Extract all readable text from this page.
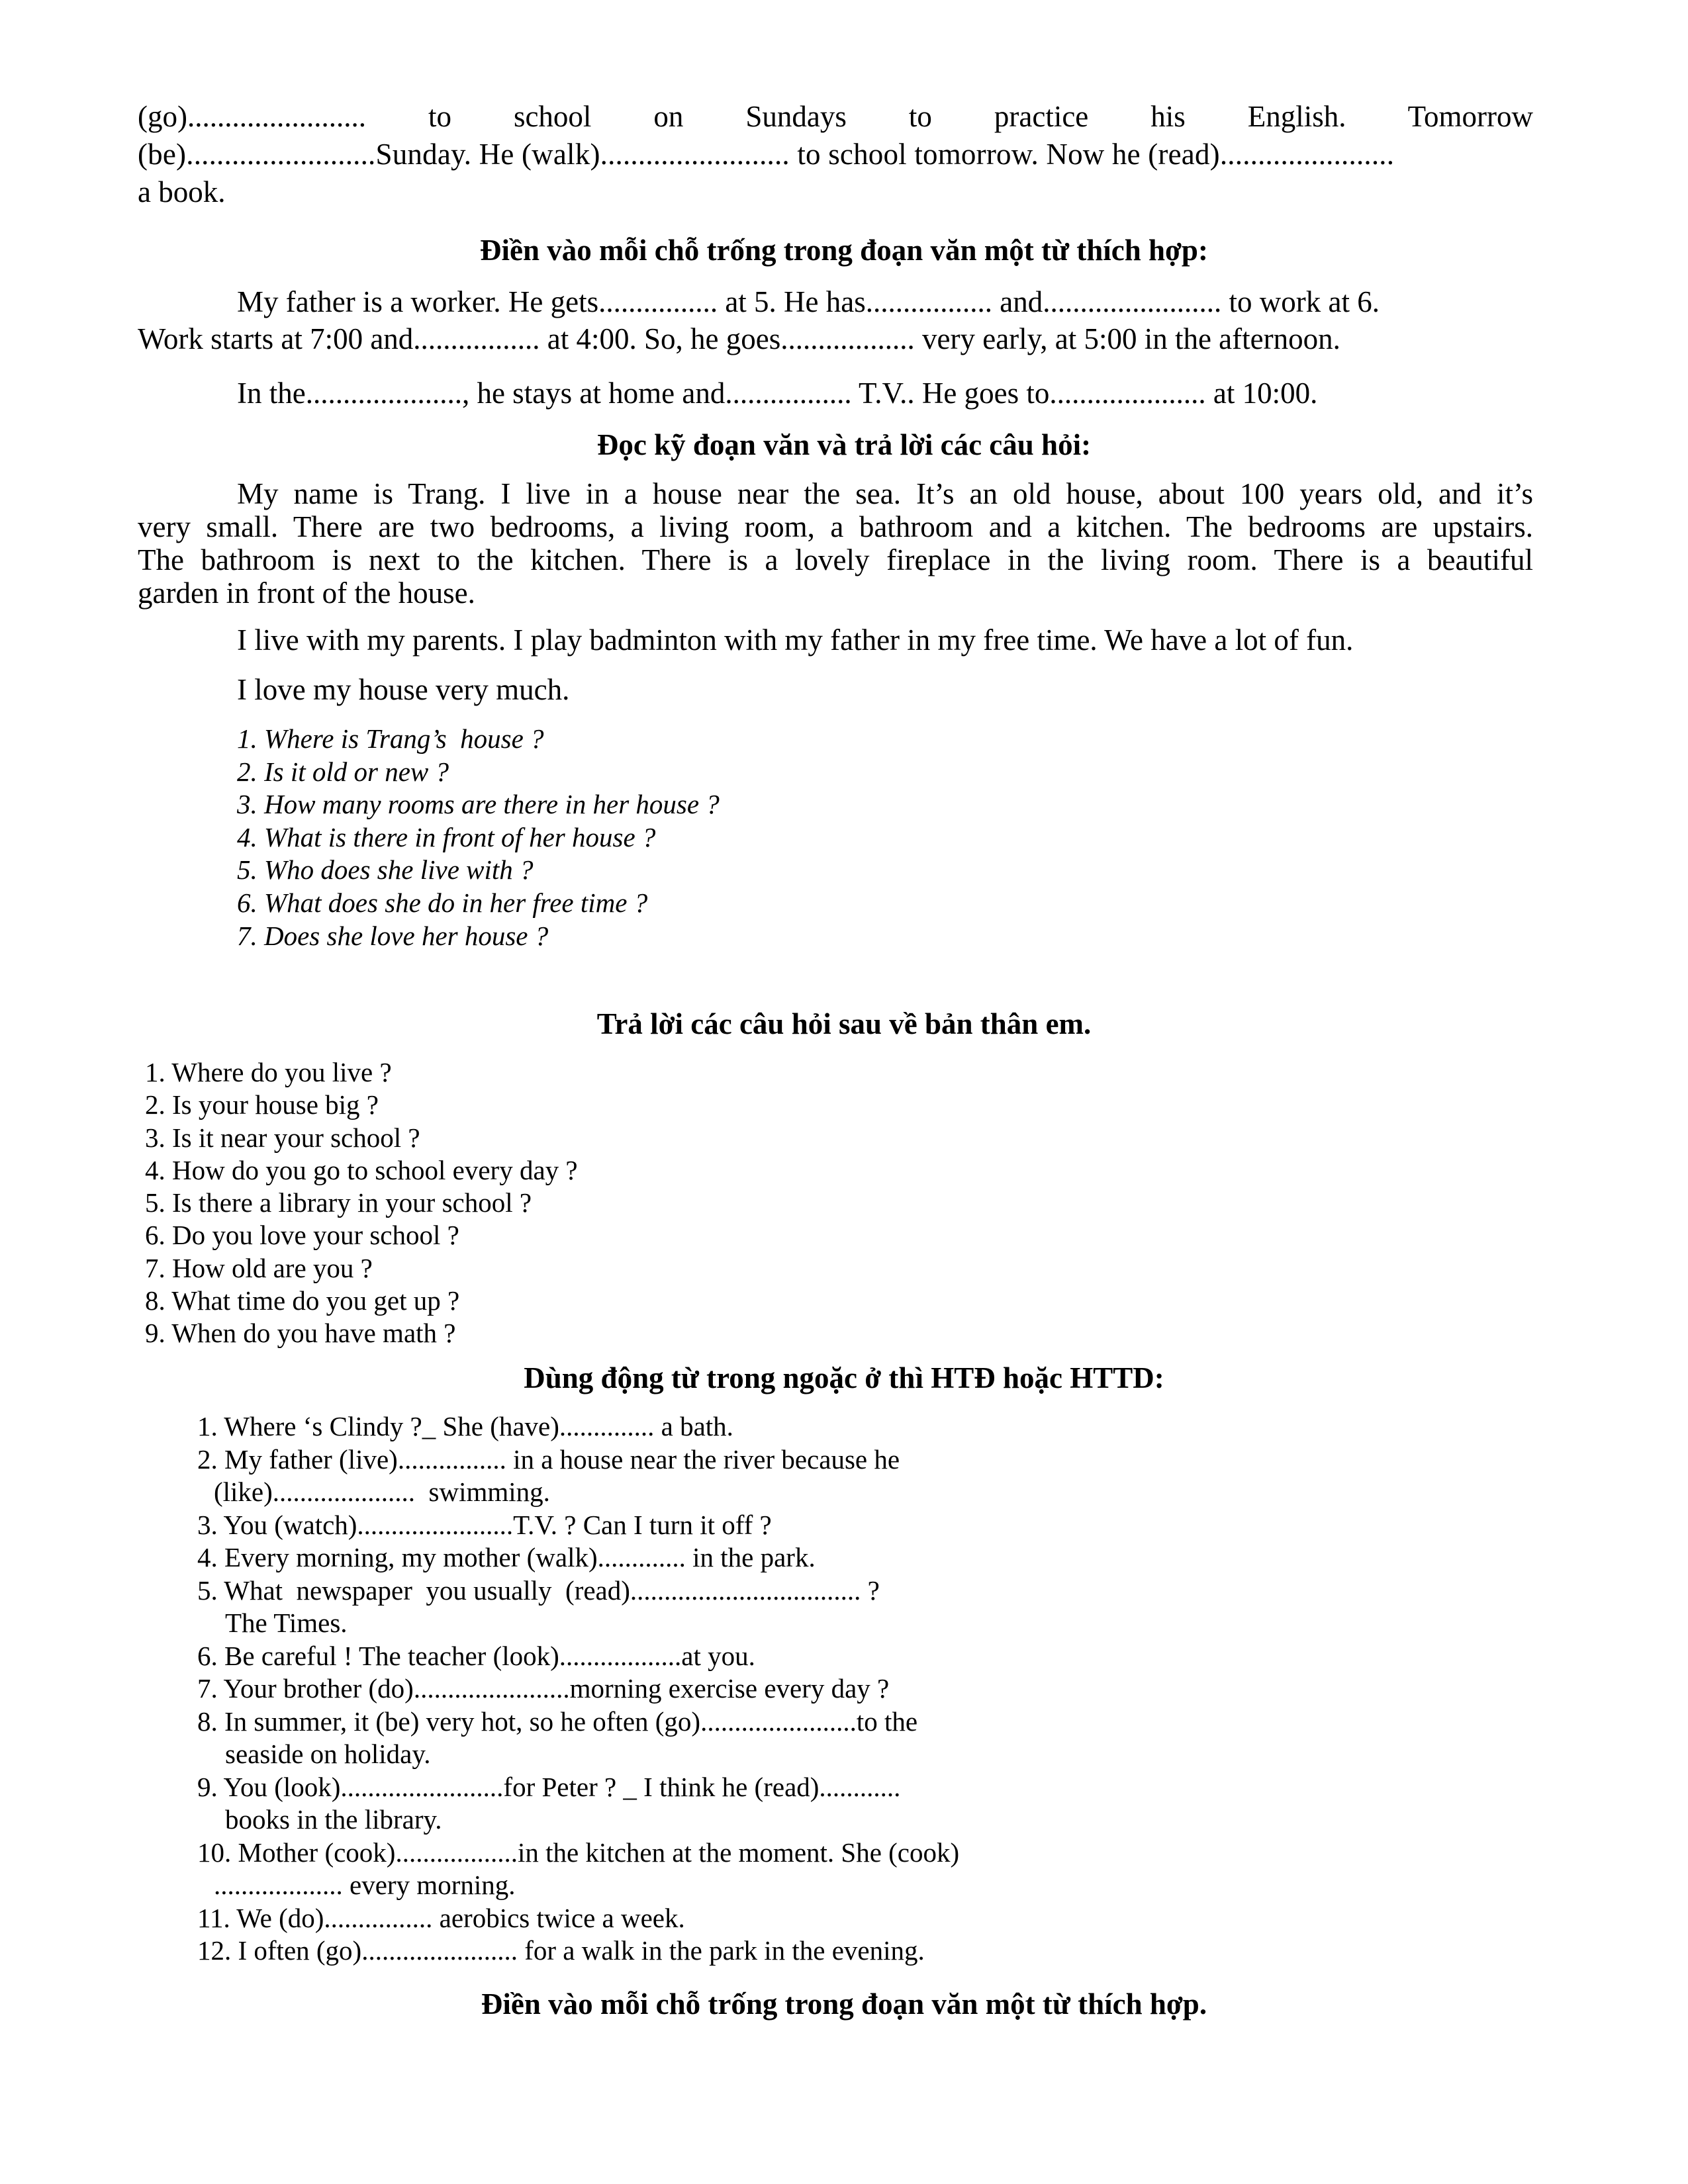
(go)........................ to school on Sundays to practice his English. Tomorrow
(be).........................Sunday. He (walk)......................... to school tomorrow. Now he (read).......................
a book.
Điền vào mỗi chỗ trống trong đoạn văn một từ thích hợp:
My father is a worker. He gets................ at 5. He has................. and........................ to work at 6.
Work starts at 7:00 and................. at 4:00. So, he goes.................. very early, at 5:00 in the afternoon.
In the....................., he stays at home and................. T.V.. He goes to..................... at 10:00.
Đọc kỹ đoạn văn và trả lời các câu hỏi:
My name is Trang. I live in a house near the sea. It’s an old house, about 100 years old, and it’s
very small. There are two bedrooms, a living room, a bathroom and a kitchen. The bedrooms are upstairs.
The bathroom is next to the kitchen. There is a lovely fireplace in the living room. There is a beautiful
garden in front of the house.
I live with my parents. I play badminton with my father in my free time. We have a lot of fun.
I love my house very much.
1. Where is Trang’s  house ?
2. Is it old or new ?
3. How many rooms are there in her house ?
4. What is there in front of her house ?
5. Who does she live with ?
6. What does she do in her free time ?
7. Does she love her house ?
Trả lời các câu hỏi sau về bản thân em.
1. Where do you live ?
2. Is your house big ?
3. Is it near your school ?
4. How do you go to school every day ?
5. Is there a library in your school ?
6. Do you love your school ?
7. How old are you ?
8. What time do you get up ?
9. When do you have math ?
Dùng động từ trong ngoặc ở thì HTĐ hoặc HTTD:
1. Where ‘s Clindy ?_ She (have).............. a bath.
2. My father (live)................ in a house near the river because he
(like).....................  swimming.
3. You (watch).......................T.V. ? Can I turn it off ?
4. Every morning, my mother (walk)............. in the park.
5. What  newspaper  you usually  (read).................................. ?
The Times.
6. Be careful ! The teacher (look)..................at you.
7. Your brother (do).......................morning exercise every day ?
8. In summer, it (be) very hot, so he often (go).......................to the
seaside on holiday.
9. You (look)........................for Peter ? _ I think he (read)............
books in the library.
10. Mother (cook)..................in the kitchen at the moment. She (cook)
................... every morning.
11. We (do)................ aerobics twice a week.
12. I often (go)....................... for a walk in the park in the evening.
Điền vào mỗi chỗ trống trong đoạn văn một từ thích hợp.
